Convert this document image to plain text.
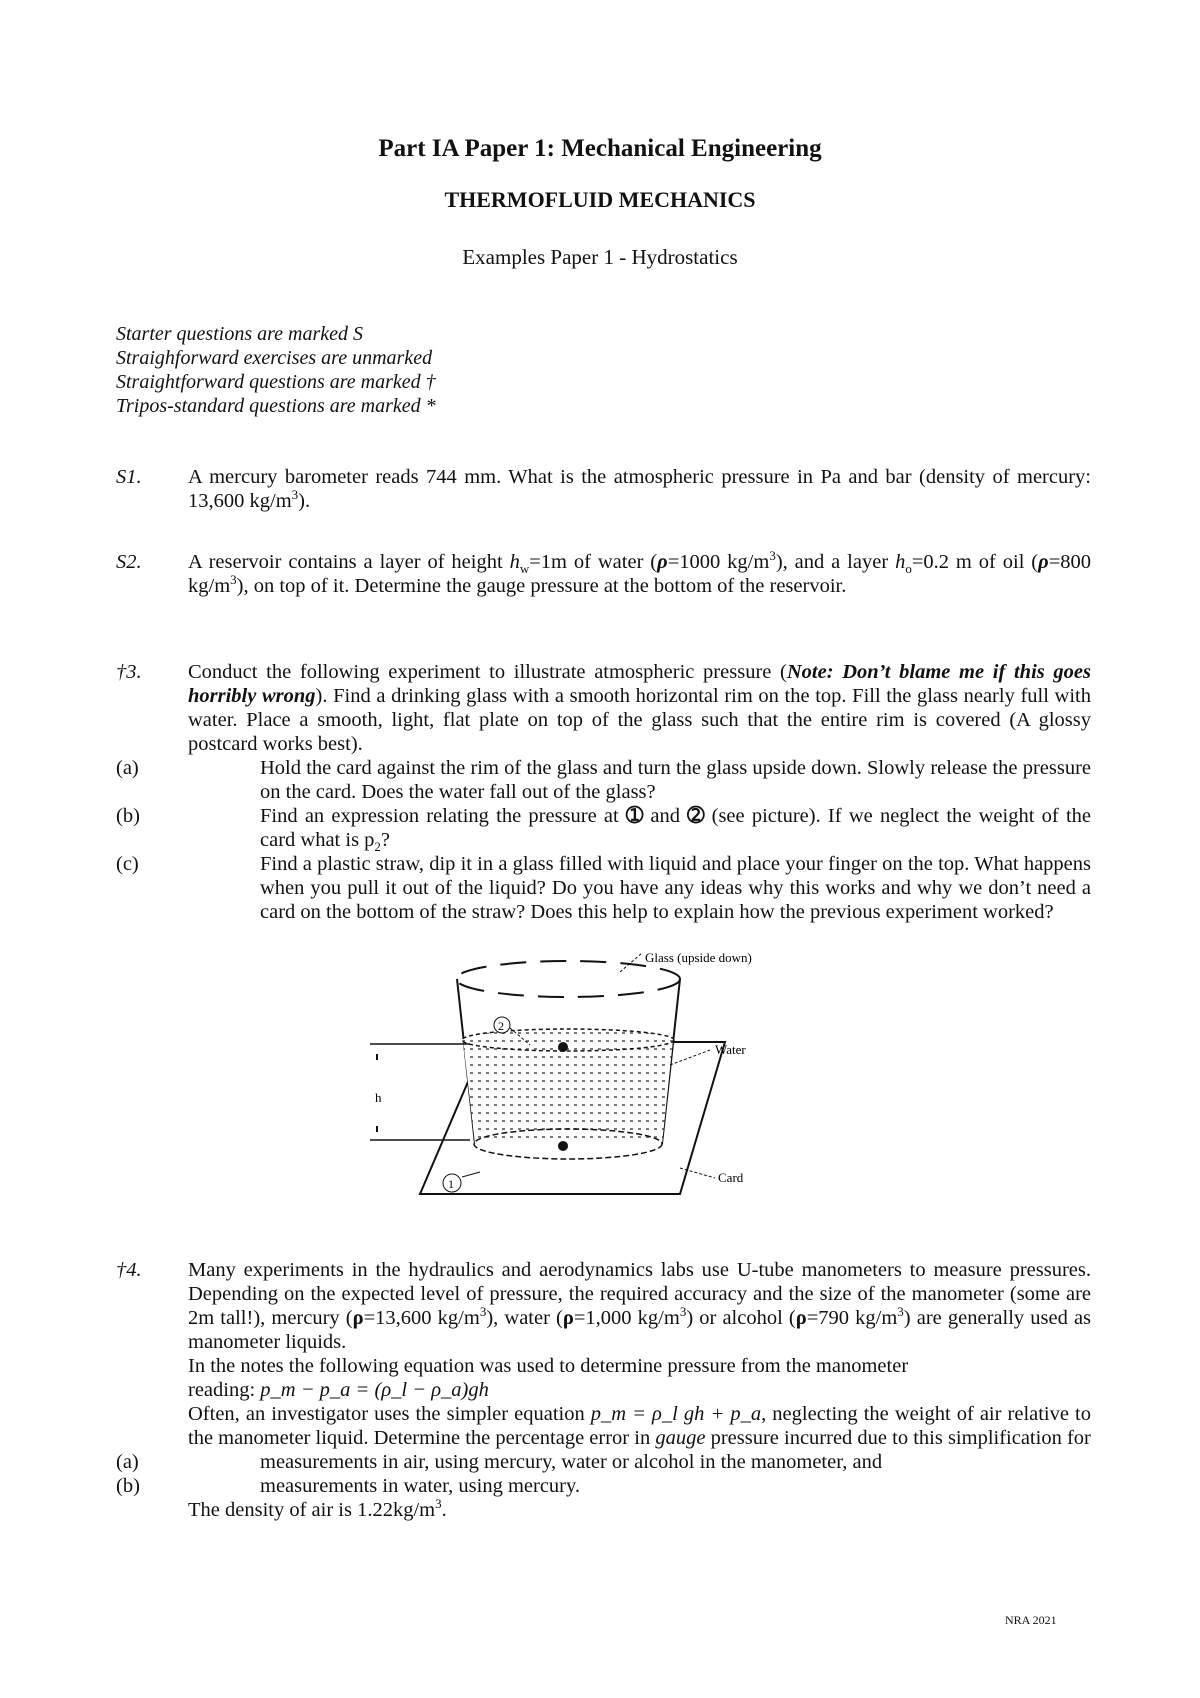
Part IA Paper 1: Mechanical Engineering
THERMOFLUID MECHANICS
Examples Paper 1 - Hydrostatics
Starter questions are marked S
Straighforward exercises are unmarked
Straightforward questions are marked †
Tripos-standard questions are marked *
S1.	A mercury barometer reads 744 mm. What is the atmospheric pressure in Pa and bar (density of mercury: 13,600 $kg/m^3$).
S2.	A reservoir contains a layer of height $h_w=1m$ of water (ρ=1000 $kg/m^3$), and a layer $h_o=0.2$ m of oil (ρ=800 $kg/m^3$), on top of it. Determine the gauge pressure at the bottom of the reservoir.
†3.	Conduct the following experiment to illustrate atmospheric pressure (Note: Don’t blame me if this goes horribly wrong). Find a drinking glass with a smooth horizontal rim on the top. Fill the glass nearly full with water. Place a smooth, light, flat plate on top of the glass such that the entire rim is covered (A glossy postcard works best).
(a)	Hold the card against the rim of the glass and turn the glass upside down. Slowly release the pressure on the card. Does the water fall out of the glass?
(b)	Find an expression relating the pressure at ➀ and ➁ (see picture). If we neglect the weight of the card what is $p_2$?
(c)	Find a plastic straw, dip it in a glass filled with liquid and place your finger on the top. What happens when you pull it out of the liquid? Do you have any ideas why this works and why we don’t need a card on the bottom of the straw? Does this help to explain how the previous experiment worked?
h
2
1
Glass (upside down)
Water
Card
†4.	Many experiments in the hydraulics and aerodynamics labs use U-tube manometers to measure pressures. Depending on the expected level of pressure, the required accuracy and the size of the manometer (some are 2m tall!), mercury (ρ=13,600 $kg/m^3$), water (ρ=1,000 $kg/m^3$) or alcohol (ρ=790 $kg/m^3$) are generally used as manometer liquids.
In the notes the following equation was used to determine pressure from the manometer
reading: p_m − p_a = (ρ_l − ρ_a)gh
Often, an investigator uses the simpler equation p_m = ρ_l gh + p_a, neglecting the weight of air relative to the manometer liquid. Determine the percentage error in gauge pressure incurred due to this simplification for
(a)	measurements in air, using mercury, water or alcohol in the manometer, and
(b)	measurements in water, using mercury.
The density of air is $1.22kg/m^3$.
NRA 2021
